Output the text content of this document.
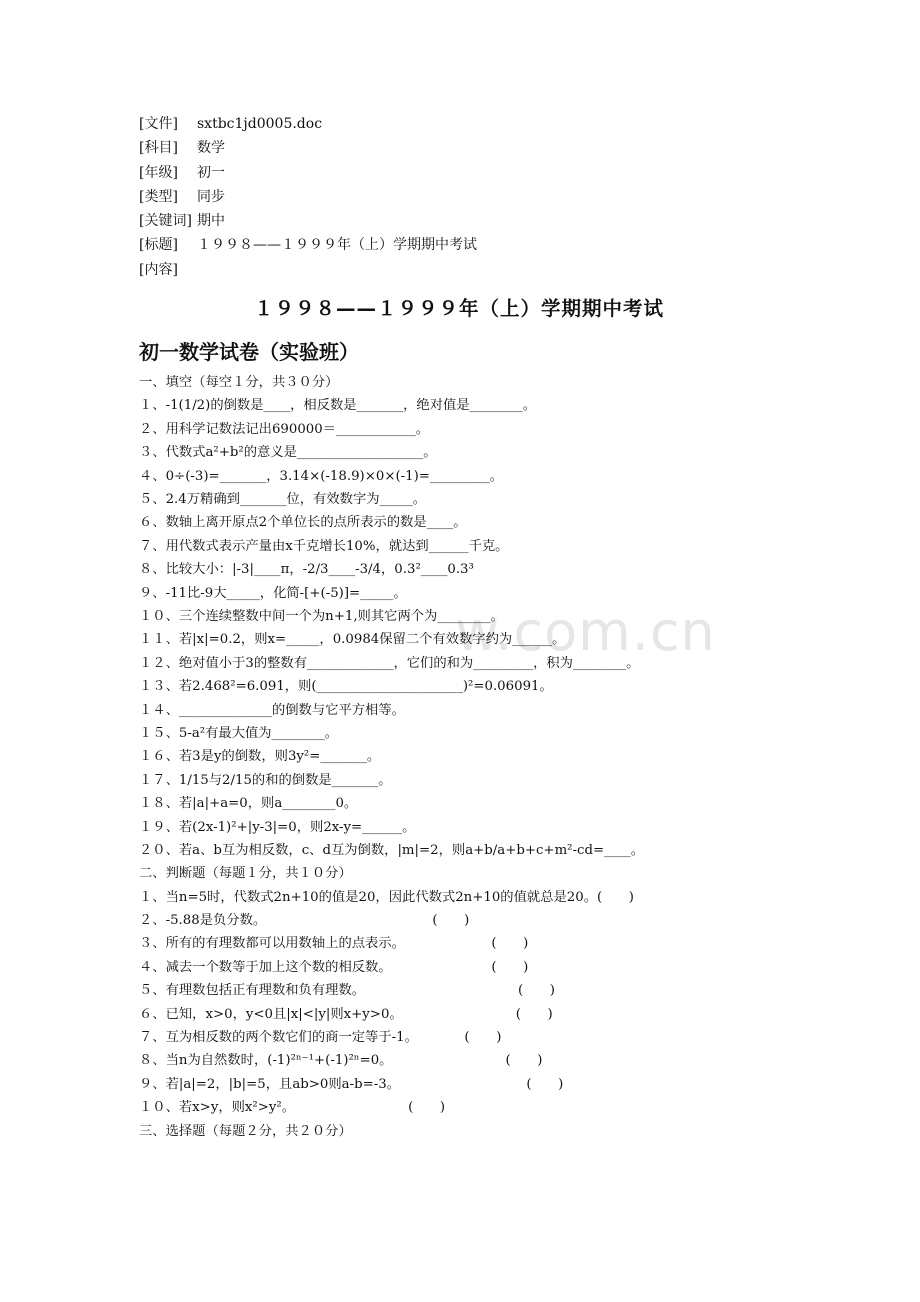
w.com.cn
[文件] sxtbc1jd0005.doc
[科目] 数学
[年级] 初一
[类型] 同步
[关键词] 期中
[标题] １９９８——１９９９年（上）学期期中考试
[内容]
１９９８——１９９９年（上）学期期中考试
初一数学试卷（实验班）
一、填空（每空１分，共３０分）
１、-1(1/2)的倒数是____，相反数是_______，绝对值是________。
２、用科学记数法记出690000＝____________。
３、代数式a²+b²的意义是___________________。
４、0÷(-3)=_______，3.14×(-18.9)×0×(-1)=_________。
５、2.4万精确到_______位，有效数字为_____。
６、数轴上离开原点2个单位长的点所表示的数是____。
７、用代数式表示产量由x千克增长10%，就达到______千克。
８、比较大小：|-3|____π，-2/3____-3/4，0.3²____0.3³
９、-11比-9大_____，化简-[+(-5)]=_____。
１０、三个连续整数中间一个为n+1,则其它两个为________。
１１、若|x|=0.2，则x=_____，0.0984保留二个有效数字约为______。
１２、绝对值小于3的整数有_____________，它们的和为_________，积为________。
１３、若2.468²=6.091，则(______________________)²=0.06091。
１４、______________的倒数与它平方相等。
１５、5-a²有最大值为________。
１６、若3是y的倒数，则3y²=_______。
１７、1/15与2/15的和的倒数是_______。
１８、若|a|+a=0，则a________0。
１９、若(2x-1)²+|y-3|=0，则2x-y=______。
２０、若a、b互为相反数，c、d互为倒数，|m|=2，则a+b/a+b+c+m²-cd=____。
二、判断题（每题１分，共１０分）
１、当n=5时，代数式2n+10的值是20，因此代数式2n+10的值就总是20。(　　)
２、-5.88是负分数。　　　　　　　　　　　　　(　　)
３、所有的有理数都可以用数轴上的点表示。　　　　　　　(　　)
４、减去一个数等于加上这个数的相反数。　　　　　　　　(　　)
５、有理数包括正有理数和负有理数。　　　　　　　　　　　　(　　)
６、已知，x>0，y<0且|x|<|y|则x+y>0。　　　　　　　　　(　　)
７、互为相反数的两个数它们的商一定等于-1。　　　　(　　)
８、当n为自然数时，(-1)²ⁿ⁻¹+(-1)²ⁿ=0。　　　　　　　　　(　　)
９、若|a|=2，|b|=5，且ab>0则a-b=-3。　　　　　　　　　　(　　)
１０、若x>y，则x²>y²。　　　　　　　　　(　　)
三、选择题（每题２分，共２０分）
